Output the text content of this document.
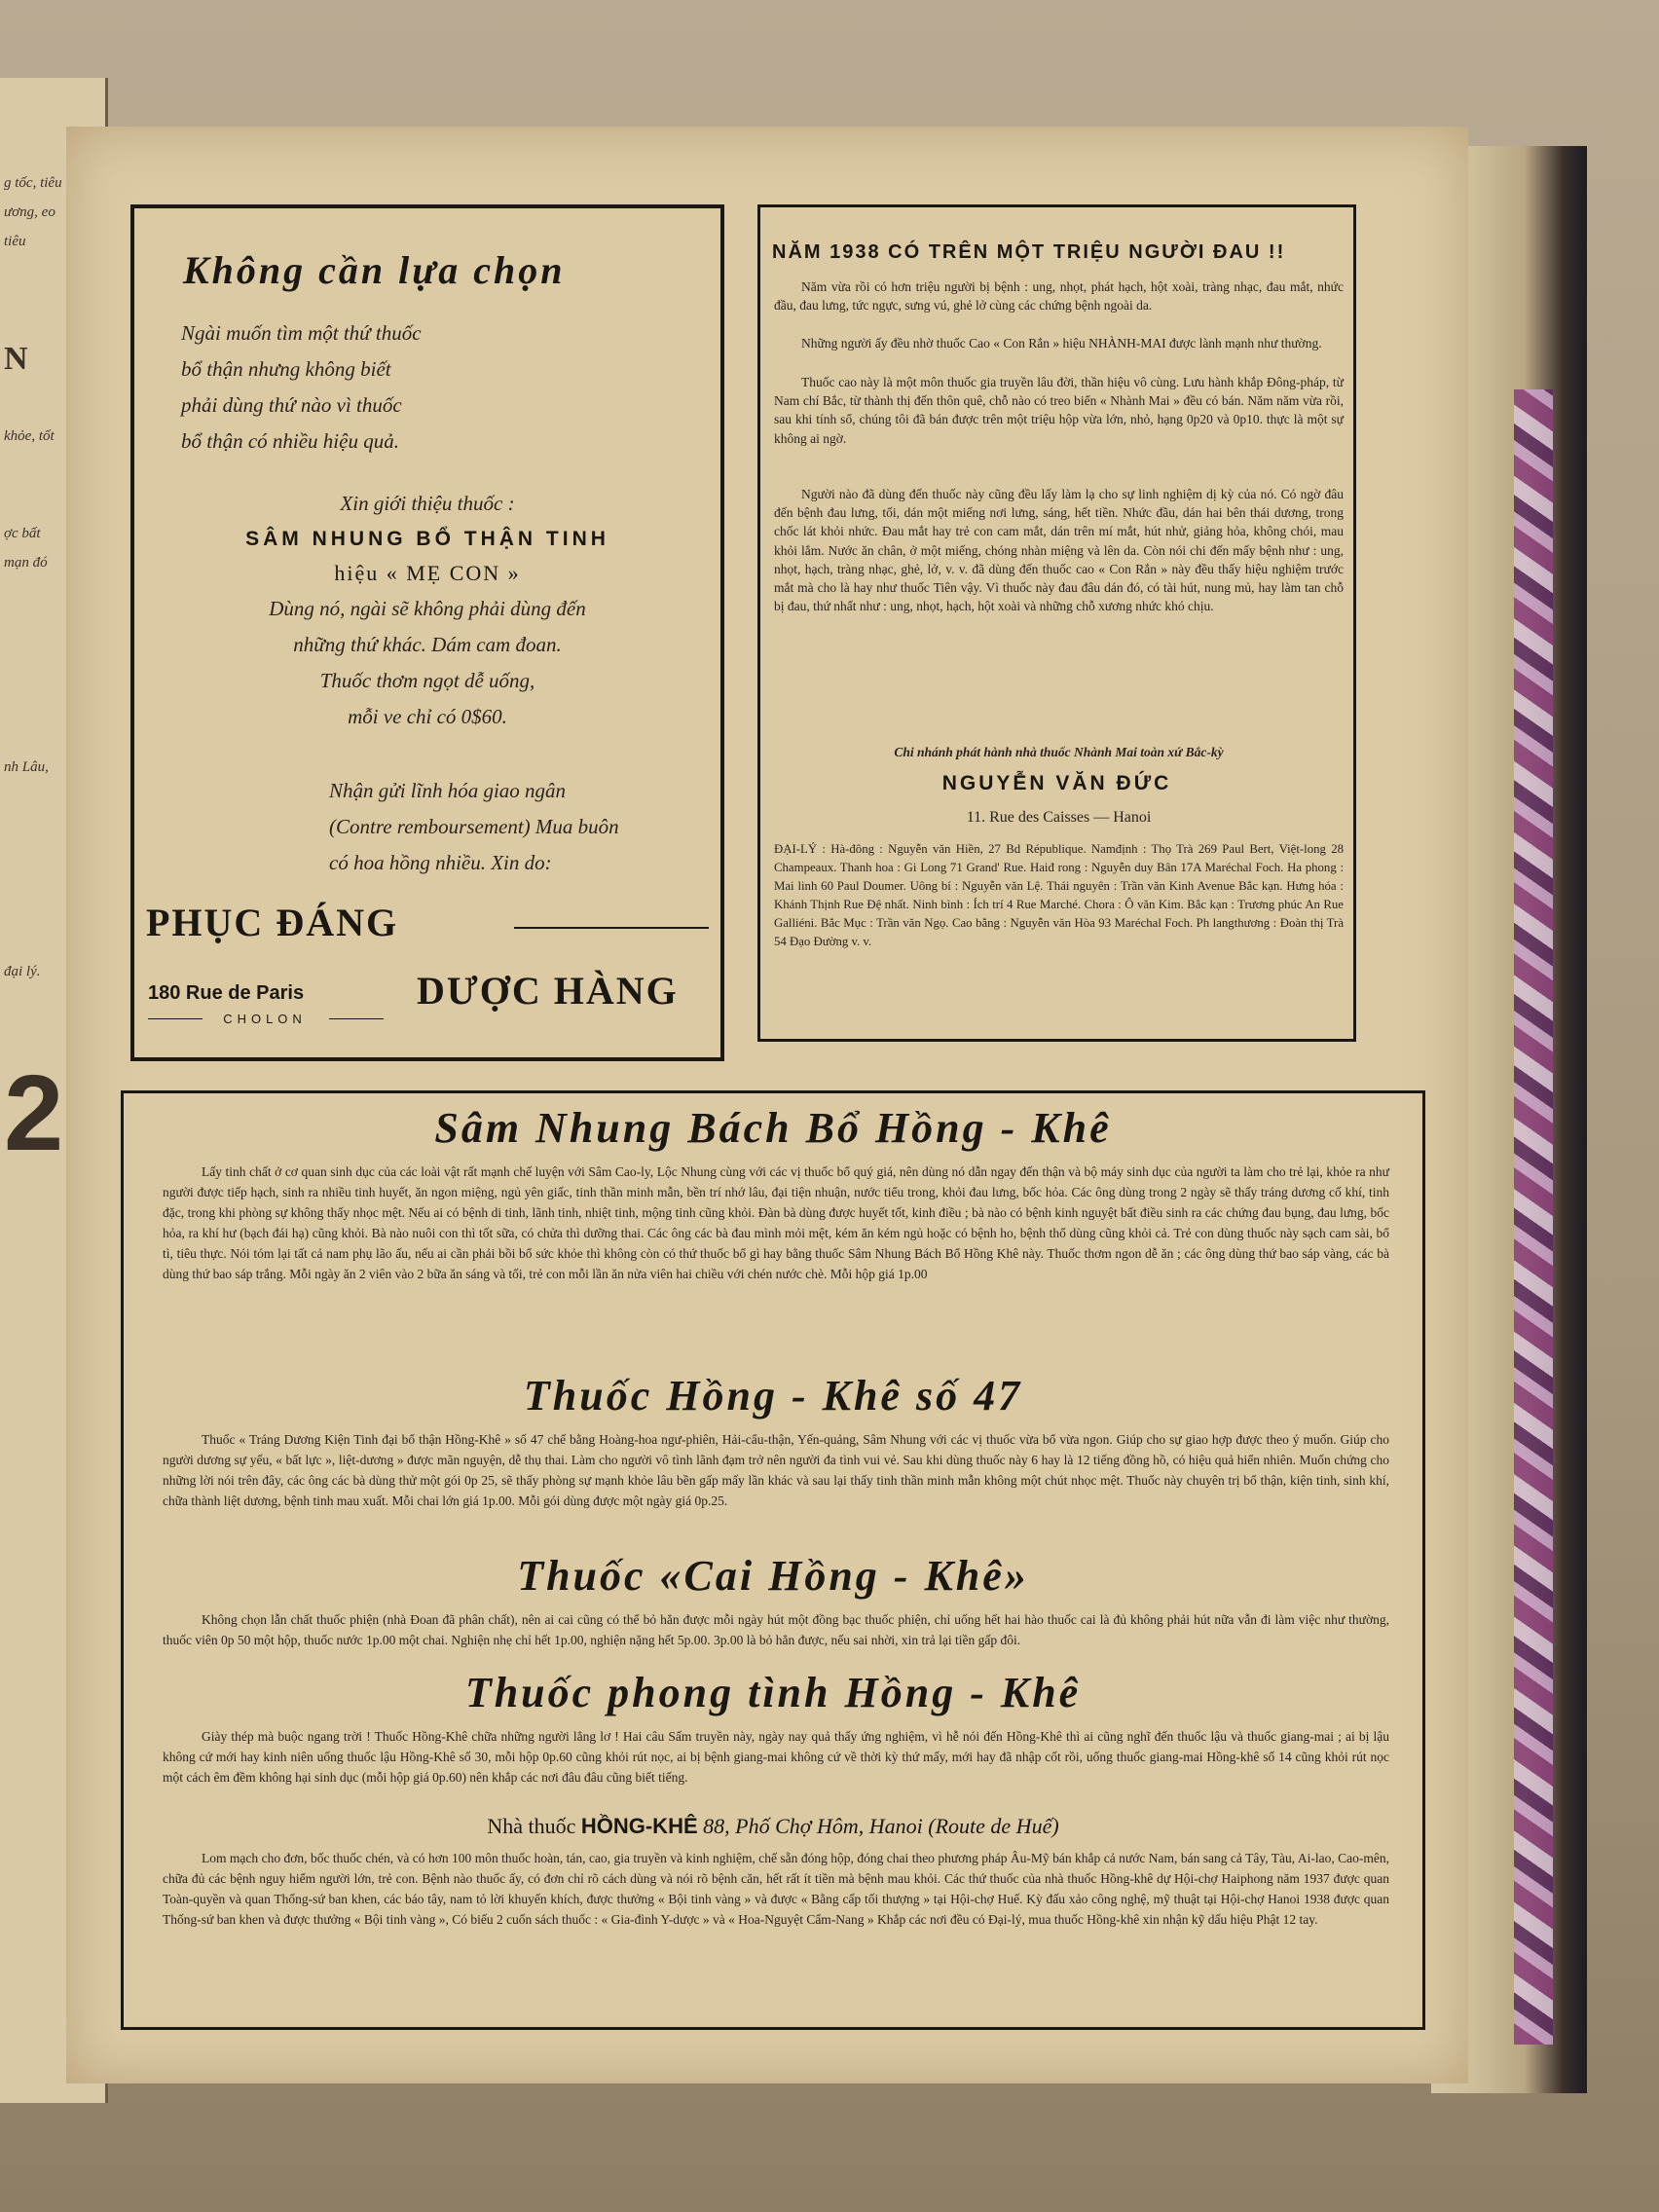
g tốc, tiêu
ương, eo
tiêu
N
khỏe, tốt
ợc bất
mạn đó
nh Lâu,
đại lý.
2
Không cần lựa chọn
Ngài muốn tìm một thứ thuốc
bổ thận nhưng không biết
phải dùng thứ nào vì thuốc
bổ thận có nhiều hiệu quả.
Xin giới thiệu thuốc :
SÂM NHUNG BỔ THẬN TINH
hiệu « MẸ CON »
Dùng nó, ngài sẽ không phải dùng đến
những thứ khác. Dám cam đoan.
Thuốc thơm ngọt dễ uống,
mỗi ve chỉ có 0$60.
Nhận gửi lĩnh hóa giao ngân
(Contre remboursement) Mua buôn
có hoa hồng nhiều. Xin do:
PHỤC ĐÁNG
180 Rue de Paris
CHOLON
DƯỢC HÀNG
NĂM 1938 CÓ TRÊN MỘT TRIỆU NGƯỜI ĐAU !!
Năm vừa rồi có hơn triệu người bị bệnh : ung, nhọt, phát hạch, hột xoài, tràng nhạc, đau mắt, nhức đầu, đau lưng, tức ngực, sưng vú, ghẻ lở cùng các chứng bệnh ngoài da.
Những người ấy đều nhờ thuốc Cao « Con Rắn » hiệu NHÀNH-MAI được lành mạnh như thường.
Thuốc cao này là một môn thuốc gia truyền lâu đời, thần hiệu vô cùng. Lưu hành khắp Đông-pháp, từ Nam chí Bắc, từ thành thị đến thôn quê, chỗ nào có treo biển « Nhành Mai » đều có bán. Năm năm vừa rồi, sau khi tính sổ, chúng tôi đã bán được trên một triệu hộp vừa lớn, nhỏ, hạng 0p20 và 0p10. thực là một sự không ai ngờ.
Người nào đã dùng đến thuốc này cũng đều lấy làm lạ cho sự linh nghiệm dị kỳ của nó. Có ngờ đâu đến bệnh đau lưng, tối, dán một miếng nơi lưng, sáng, hết tiền. Nhức đầu, dán hai bên thái dương, trong chốc lát khỏi nhức. Đau mắt hay trẻ con cam mắt, dán trên mí mắt, hút nhử, giảng hỏa, không chói, mau khỏi lắm. Nước ăn chân, ở một miếng, chóng nhàn miệng và lên da. Còn nói chi đến mấy bệnh như : ung, nhọt, hạch, tràng nhạc, ghẻ, lở, v. v. đã dùng đến thuốc cao « Con Rắn » này đều thấy hiệu nghiệm trước mắt mà cho là hay như thuốc Tiên vậy. Vì thuốc này đau đâu dán đó, có tài hút, nung mủ, hay làm tan chỗ bị đau, thứ nhất như : ung, nhọt, hạch, hột xoài và những chỗ xương nhức khó chịu.
Chi nhánh phát hành nhà thuốc Nhành Mai toàn xứ Bắc-kỳ
NGUYỄN VĂN ĐỨC
11. Rue des Caisses — Hanoi
ĐẠI-LÝ : Hà-đông : Nguyễn văn Hiền, 27 Bd République. Namđịnh : Thọ Trà 269 Paul Bert, Việt-long 28 Champeaux. Thanh hoa : Gi Long 71 Grand' Rue. Haiđ rong : Nguyễn duy Bân 17A Maréchal Foch. Ha phong : Mai linh 60 Paul Doumer. Uông bí : Nguyễn văn Lệ. Thái nguyên : Trần văn Kinh Avenue Bắc kạn. Hưng hóa : Khánh Thịnh Rue Đệ nhất. Ninh bình : Ích trí 4 Rue Marché. Chora : Ô văn Kim. Bắc kạn : Trương phúc An Rue Galliéni. Bắc Mục : Trần văn Ngọ. Cao bằng : Nguyễn văn Hòa 93 Maréchal Foch. Ph langthương : Đoàn thị Trà 54 Đạo Đường v. v.
Sâm Nhung Bách Bổ Hồng - Khê
Lấy tinh chất ở cơ quan sinh dục của các loài vật rất mạnh chế luyện với Sâm Cao-ly, Lộc Nhung cùng với các vị thuốc bổ quý giá, nên dùng nó dẫn ngay đến thận và bộ máy sinh dục của người ta làm cho trẻ lại, khỏe ra như người được tiếp hạch, sinh ra nhiều tinh huyết, ăn ngon miệng, ngủ yên giấc, tinh thần minh mẫn, bền trí nhớ lâu, đại tiện nhuận, nước tiểu trong, khỏi đau lưng, bốc hỏa. Các ông dùng trong 2 ngày sẽ thấy tráng dương cố khí, tinh đặc, trong khi phòng sự không thấy nhọc mệt. Nếu ai có bệnh di tinh, lãnh tinh, nhiệt tinh, mộng tinh cũng khỏi. Đàn bà dùng được huyết tốt, kinh điều ; bà nào có bệnh kinh nguyệt bất điều sinh ra các chứng đau bụng, đau lưng, bốc hỏa, ra khí hư (bạch đái hạ) cũng khỏi. Bà nào nuôi con thì tốt sữa, có chửa thì dưỡng thai. Các ông các bà đau mình mỏi mệt, kém ăn kém ngủ hoặc có bệnh ho, bệnh thổ dùng cũng khỏi cả. Trẻ con dùng thuốc này sạch cam sài, bổ tì, tiêu thực. Nói tóm lại tất cả nam phụ lão ấu, nếu ai cần phải bồi bổ sức khỏe thì không còn có thứ thuốc bổ gì hay bằng thuốc Sâm Nhung Bách Bổ Hồng Khê này. Thuốc thơm ngon dễ ăn ; các ông dùng thứ bao sáp vàng, các bà dùng thứ bao sáp trắng. Mỗi ngày ăn 2 viên vào 2 bữa ăn sáng và tối, trẻ con mỗi lần ăn nửa viên hai chiều với chén nước chè. Mỗi hộp giá 1p.00
Thuốc Hồng - Khê số 47
Thuốc « Tráng Dương Kiện Tinh đại bổ thận Hồng-Khê » số 47 chế bằng Hoàng-hoa ngư-phiên, Hải-cẩu-thận, Yến-quảng, Sâm Nhung với các vị thuốc vừa bổ vừa ngon. Giúp cho sự giao hợp được theo ý muốn. Giúp cho người dương sự yếu, « bất lực », liệt-dương » được mãn nguyện, dễ thụ thai. Làm cho người vô tình lãnh đạm trở nên người đa tình vui vẻ. Sau khi dùng thuốc này 6 hay là 12 tiếng đồng hồ, có hiệu quả hiển nhiên. Muốn chứng cho những lời nói trên đây, các ông các bà dùng thử một gói 0p 25, sẽ thấy phòng sự mạnh khỏe lâu bền gấp mấy lần khác và sau lại thấy tinh thần minh mẫn không một chút nhọc mệt. Thuốc này chuyên trị bổ thận, kiện tinh, sinh khí, chữa thành liệt dương, bệnh tinh mau xuất. Mỗi chai lớn giá 1p.00. Mỗi gói dùng được một ngày giá 0p.25.
Thuốc «Cai Hồng - Khê»
Không chọn lẫn chất thuốc phiện (nhà Đoan đã phân chất), nên ai cai cũng có thể bỏ hẳn được mỗi ngày hút một đồng bạc thuốc phiện, chỉ uống hết hai hào thuốc cai là đủ không phải hút nữa vẫn đi làm việc như thường, thuốc viên 0p 50 một hộp, thuốc nước 1p.00 một chai. Nghiện nhẹ chỉ hết 1p.00, nghiện nặng hết 5p.00. 3p.00 là bỏ hẳn được, nếu sai nhời, xin trả lại tiền gấp đôi.
Thuốc phong tình Hồng - Khê
Giày thép mà buộc ngang trời ! Thuốc Hồng-Khê chữa những người lẳng lơ ! Hai câu Sấm truyền này, ngày nay quả thấy ứng nghiệm, vì hễ nói đến Hồng-Khê thì ai cũng nghĩ đến thuốc lậu và thuốc giang-mai ; ai bị lậu không cứ mới hay kinh niên uống thuốc lậu Hồng-Khê số 30, mỗi hộp 0p.60 cũng khỏi rút nọc, ai bị bệnh giang-mai không cứ về thời kỳ thứ mấy, mới hay đã nhập cốt rồi, uống thuốc giang-mai Hồng-khê số 14 cũng khỏi rút nọc một cách êm đềm không hại sinh dục (mỗi hộp giá 0p.60) nên khắp các nơi đâu đâu cũng biết tiếng.
Nhà thuốc HỒNG-KHÊ 88, Phố Chợ Hôm, Hanoi (Route de Huế)
Lom mạch cho đơn, bốc thuốc chén, và có hơn 100 môn thuốc hoàn, tán, cao, gia truyền và kinh nghiệm, chế sẵn đóng hộp, đóng chai theo phương pháp Âu-Mỹ bán khắp cả nước Nam, bán sang cả Tây, Tàu, Ai-lao, Cao-mên, chữa đủ các bệnh nguy hiểm người lớn, trẻ con. Bệnh nào thuốc ấy, có đơn chỉ rõ cách dùng và nói rõ bệnh căn, hết rất ít tiền mà bệnh mau khỏi. Các thứ thuốc của nhà thuốc Hồng-khê dự Hội-chợ Haiphong năm 1937 được quan Toàn-quyền và quan Thống-sứ ban khen, các báo tây, nam tỏ lời khuyến khích, được thưởng « Bội tinh vàng » và được « Bằng cấp tối thượng » tại Hội-chợ Huế. Kỳ đấu xảo công nghệ, mỹ thuật tại Hội-chợ Hanoi 1938 được quan Thống-sứ ban khen và được thưởng « Bội tinh vàng », Có biếu 2 cuốn sách thuốc : « Gia-đình Y-dược » và « Hoa-Nguyệt Cẩm-Nang » Khắp các nơi đều có Đại-lý, mua thuốc Hồng-khê xin nhận kỹ dấu hiệu Phật 12 tay.
